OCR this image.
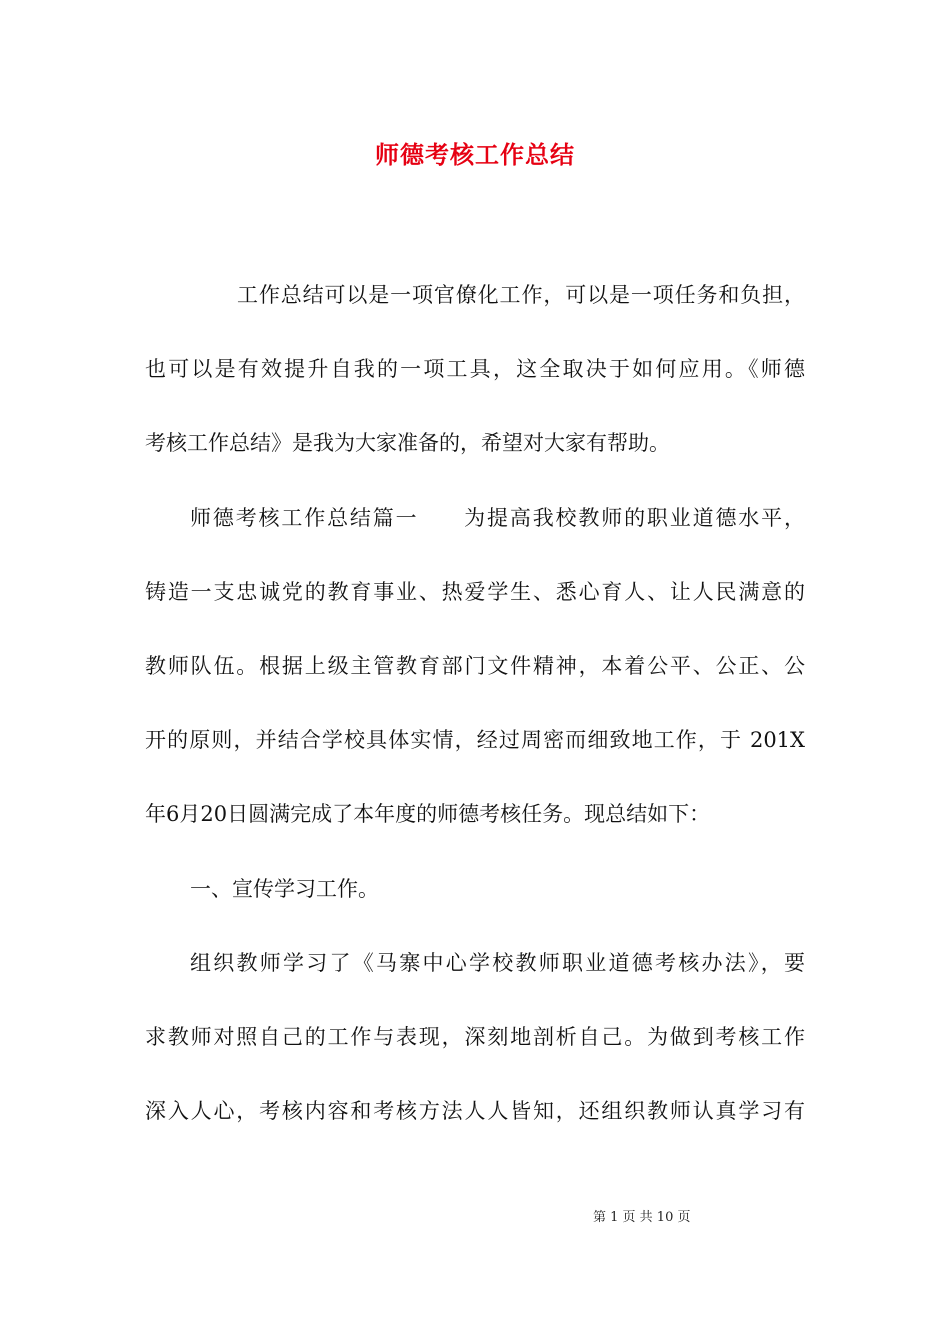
师德考核工作总结
工作总结可以是一项官僚化工作，可以是一项任务和负担，
也可以是有效提升自我的一项工具，这全取决于如何应用。《师德
考核工作总结》是我为大家准备的，希望对大家有帮助。
师德考核工作总结篇一　　为提高我校教师的职业道德水平，
铸造一支忠诚党的教育事业、热爱学生、悉心育人、让人民满意的
教师队伍。根据上级主管教育部门文件精神，本着公平、公正、公
开的原则，并结合学校具体实情，经过周密而细致地工作，于 201X
年6月20日圆满完成了本年度的师德考核任务。现总结如下：
一、宣传学习工作。
组织教师学习了《马寨中心学校教师职业道德考核办法》，要
求教师对照自己的工作与表现，深刻地剖析自己。为做到考核工作
深入人心，考核内容和考核方法人人皆知，还组织教师认真学习有
第 1 页 共 10 页
